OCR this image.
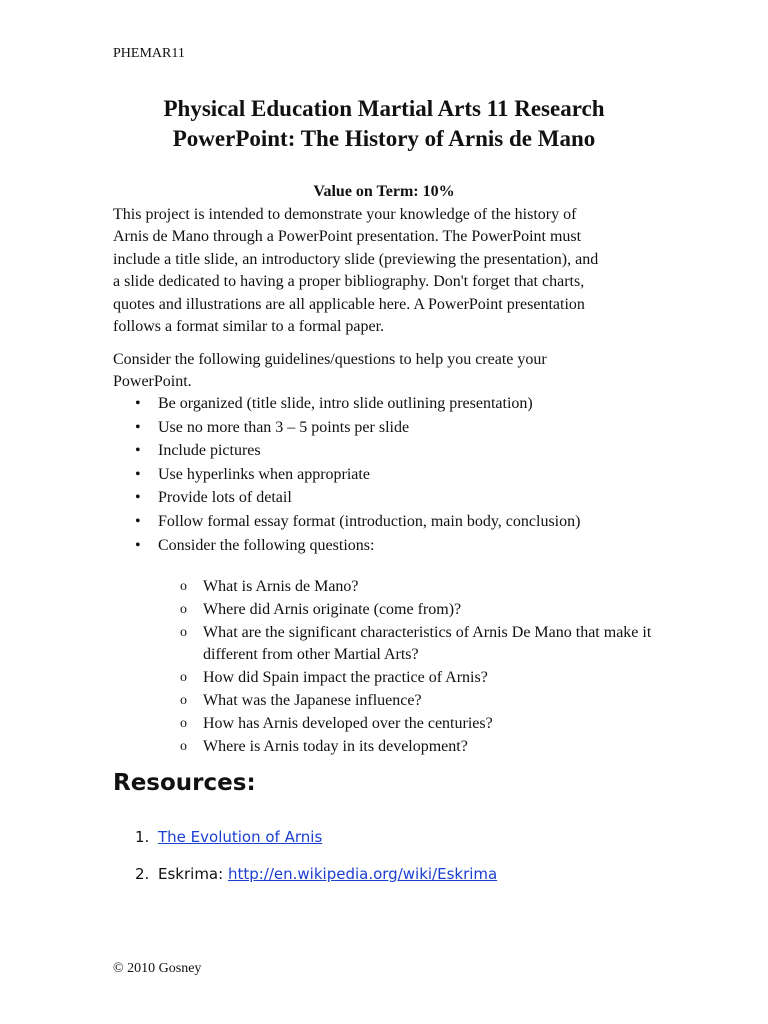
PHEMAR11
Physical Education Martial Arts 11 Research
PowerPoint: The History of Arnis de Mano
Value on Term: 10%
This project is intended to demonstrate your knowledge of the history of
Arnis de Mano through a PowerPoint presentation. The PowerPoint must
include a title slide, an introductory slide (previewing the presentation), and
a slide dedicated to having a proper bibliography. Don't forget that charts,
quotes and illustrations are all applicable here. A PowerPoint presentation
follows a format similar to a formal paper.
Consider the following guidelines/questions to help you create your
PowerPoint.
• Be organized (title slide, intro slide outlining presentation)
• Use no more than 3 – 5 points per slide
• Include pictures
• Use hyperlinks when appropriate
• Provide lots of detail
• Follow formal essay format (introduction, main body, conclusion)
• Consider the following questions:
o What is Arnis de Mano?
o Where did Arnis originate (come from)?
o What are the significant characteristics of Arnis De Mano that make it different from other Martial Arts?
o How did Spain impact the practice of Arnis?
o What was the Japanese influence?
o How has Arnis developed over the centuries?
o Where is Arnis today in its development?
Resources:
1. The Evolution of Arnis
2. Eskrima: http://en.wikipedia.org/wiki/Eskrima
© 2010 Gosney
